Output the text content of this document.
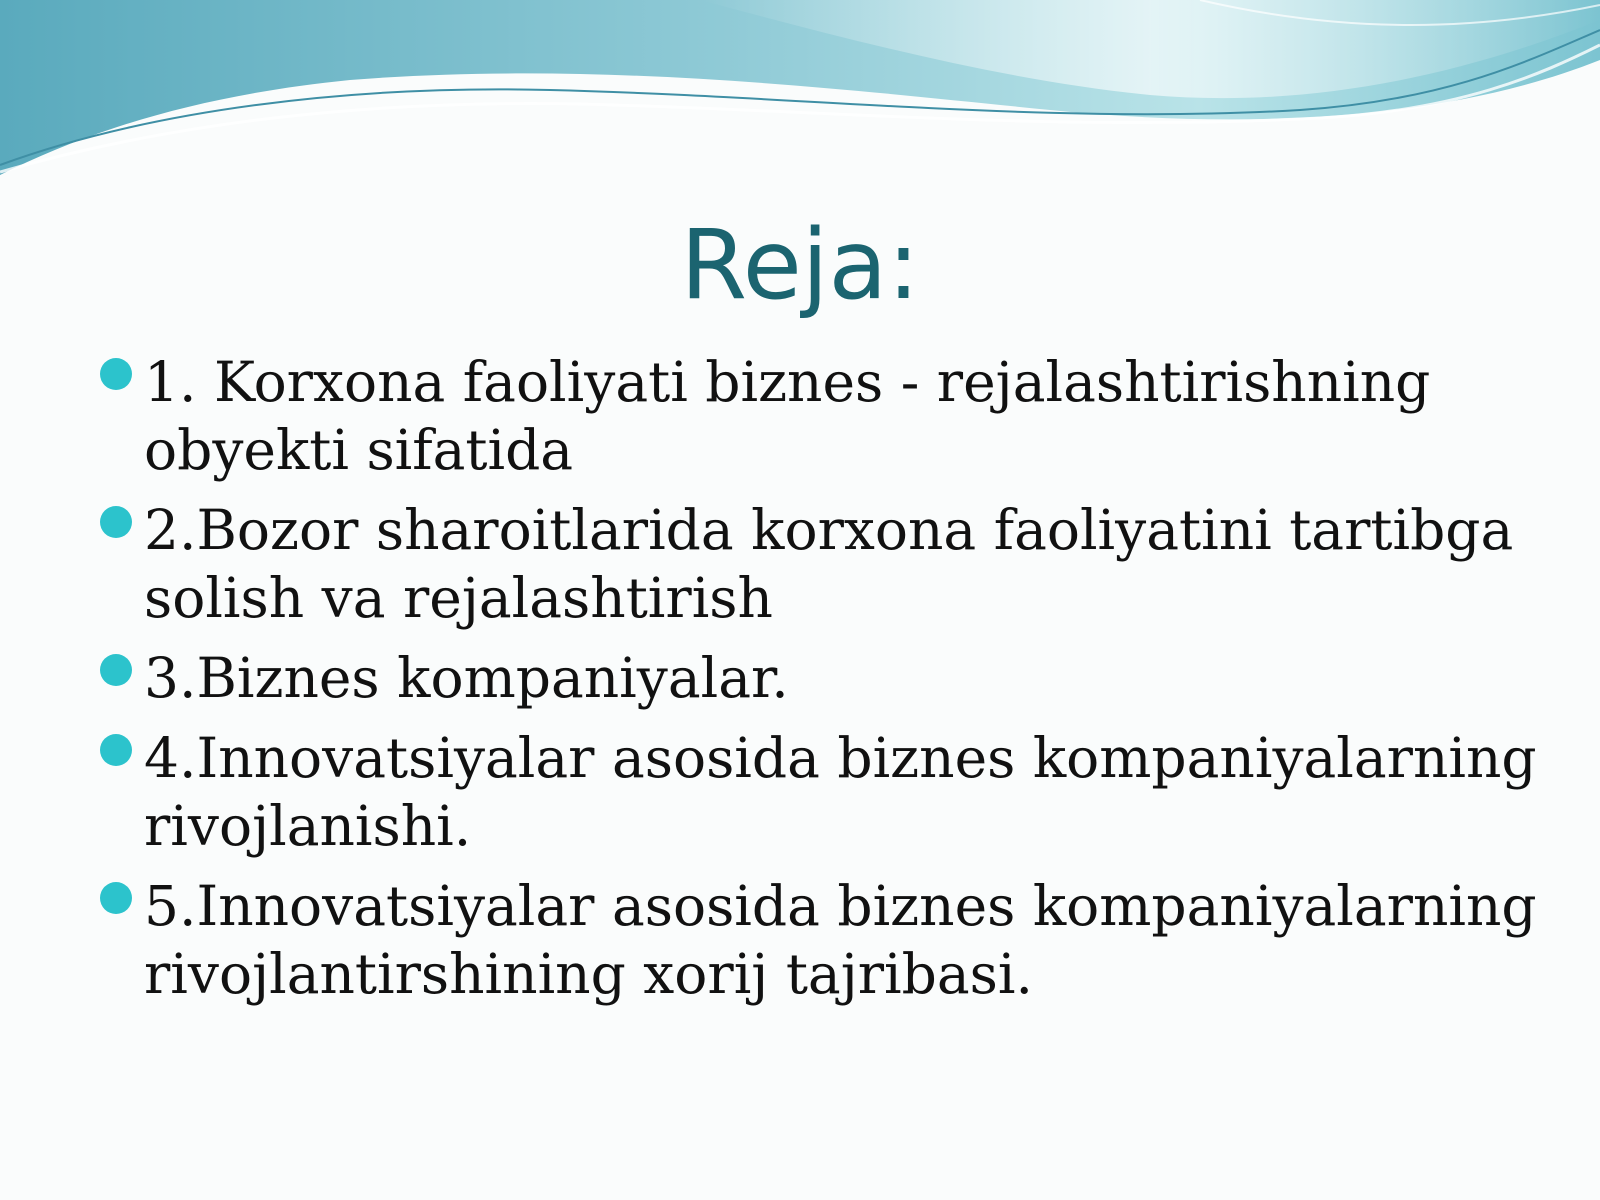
Reja:
1. Korxona faoliyati biznes - rejalashtirishning obyekti sifatida
2.Bozor sharoitlarida korxona faoliyatini tartibga solish va rejalashtirish
3.Biznes kompaniyalar.
4.Innovatsiyalar asosida biznes kompaniyalarning rivojlanishi.
5.Innovatsiyalar asosida biznes kompaniyalarning rivojlantirshining xorij tajribasi.
